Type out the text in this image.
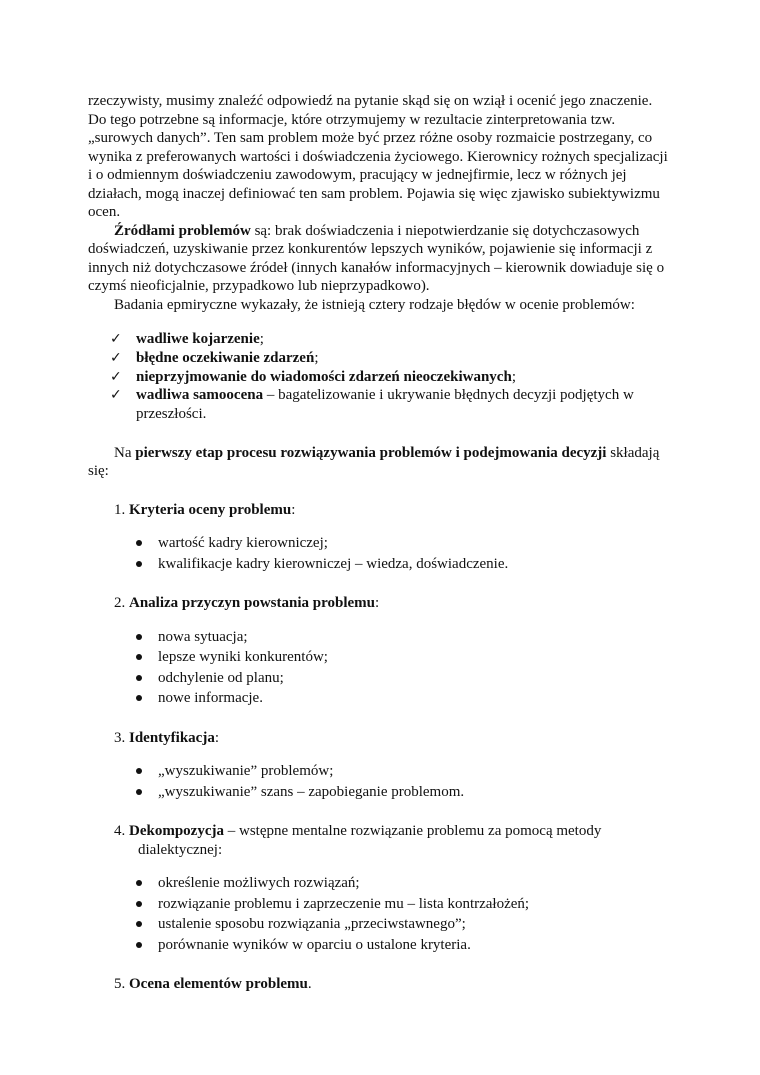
rzeczywisty, musimy znaleźć odpowiedź na pytanie skąd się on wziął i ocenić jego znaczenie. Do tego potrzebne są informacje, które otrzymujemy w rezultacie zinterpretowania tzw. „surowych danych”. Ten sam problem może być przez różne osoby rozmaicie postrzegany, co wynika z preferowanych wartości i doświadczenia życiowego. Kierownicy rożnych specjalizacji i o odmiennym doświadczeniu zawodowym, pracujący w jednejfirmie, lecz w różnych jej działach, mogą inaczej definiować ten sam problem. Pojawia się więc zjawisko subiektywizmu ocen.

Źródłami problemów są: brak doświadczenia i niepotwierdzanie się dotychczasowych doświadczeń, uzyskiwanie przez konkurentów lepszych wyników, pojawienie się informacji z innych niż dotychczasowe źródeł (innych kanałów informacyjnych – kierownik dowiaduje się o czymś nieoficjalnie, przypadkowo lub nieprzypadkowo).

Badania epmiryczne wykazały, że istnieją cztery rodzaje błędów w ocenie problemów:

✓ wadliwe kojarzenie;
✓ błędne oczekiwanie zdarzeń;
✓ nieprzyjmowanie do wiadomości zdarzeń nieoczekiwanych;
✓ wadliwa samoocena – bagatelizowanie i ukrywanie błędnych decyzji podjętych w przeszłości.

Na pierwszy etap procesu rozwiązywania problemów i podejmowania decyzji składają się:

1. Kryteria oceny problemu:

wartość kadry kierowniczej;
kwalifikacje kadry kierowniczej – wiedza, doświadczenie.

2. Analiza przyczyn powstania problemu:

nowa sytuacja;
lepsze wyniki konkurentów;
odchylenie od planu;
nowe informacje.

3. Identyfikacja:

„wyszukiwanie” problemów;
„wyszukiwanie” szans – zapobieganie problemom.

4. Dekompozycja – wstępne mentalne rozwiązanie problemu za pomocą metody dialektycznej:

określenie możliwych rozwiązań;
rozwiązanie problemu i zaprzeczenie mu – lista kontrzałożeń;
ustalenie sposobu rozwiązania „przeciwstawnego”;
porównanie wyników w oparciu o ustalone kryteria.

5. Ocena elementów problemu.
